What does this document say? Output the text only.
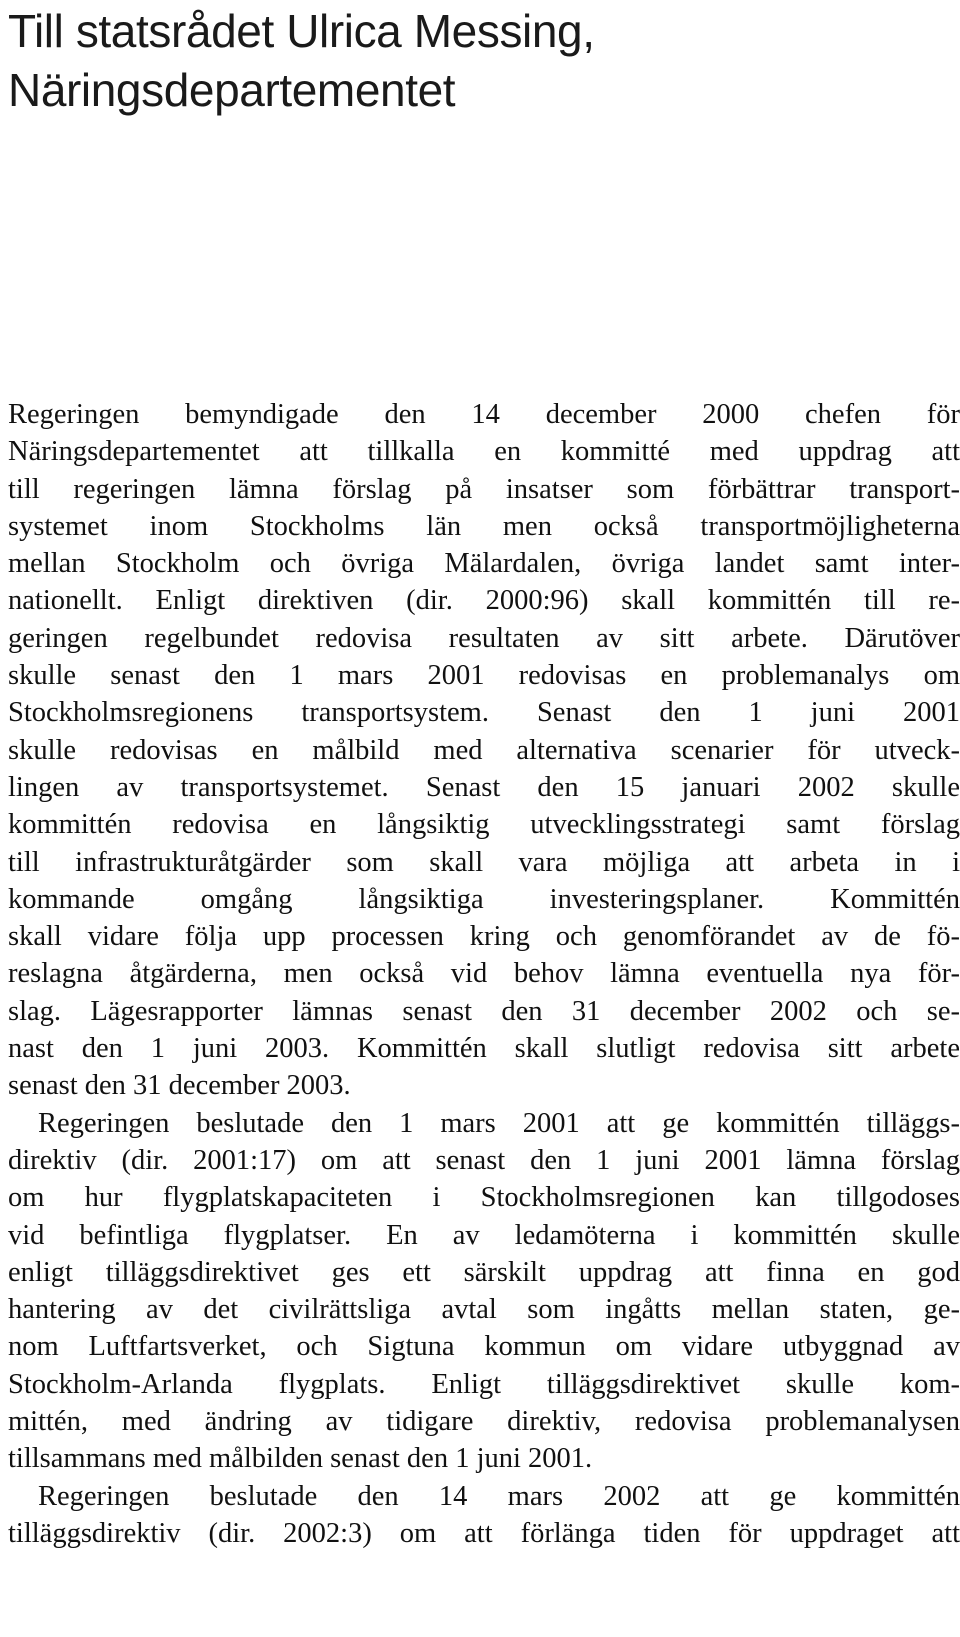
Till statsrådet Ulrica Messing,
Näringsdepartementet
Regeringen bemyndigade den 14 december 2000 chefen för
Näringsdepartementet att tillkalla en kommitté med uppdrag att
till regeringen lämna förslag på insatser som förbättrar transport-
systemet inom Stockholms län men också transportmöjligheterna
mellan Stockholm och övriga Mälardalen, övriga landet samt inter-
nationellt. Enligt direktiven (dir. 2000:96) skall kommittén till re-
geringen regelbundet redovisa resultaten av sitt arbete. Därutöver
skulle senast den 1 mars 2001 redovisas en problemanalys om
Stockholmsregionens transportsystem. Senast den 1 juni 2001
skulle redovisas en målbild med alternativa scenarier för utveck-
lingen av transportsystemet. Senast den 15 januari 2002 skulle
kommittén redovisa en långsiktig utvecklingsstrategi samt förslag
till infrastrukturåtgärder som skall vara möjliga att arbeta in i
kommande omgång långsiktiga investeringsplaner. Kommittén
skall vidare följa upp processen kring och genomförandet av de fö-
reslagna åtgärderna, men också vid behov lämna eventuella nya för-
slag. Lägesrapporter lämnas senast den 31 december 2002 och se-
nast den 1 juni 2003. Kommittén skall slutligt redovisa sitt arbete
senast den 31 december 2003.
Regeringen beslutade den 1 mars 2001 att ge kommittén tilläggs-
direktiv (dir. 2001:17) om att senast den 1 juni 2001 lämna förslag
om hur flygplatskapaciteten i Stockholmsregionen kan tillgodoses
vid befintliga flygplatser. En av ledamöterna i kommittén skulle
enligt tilläggsdirektivet ges ett särskilt uppdrag att finna en god
hantering av det civilrättsliga avtal som ingåtts mellan staten, ge-
nom Luftfartsverket, och Sigtuna kommun om vidare utbyggnad av
Stockholm-Arlanda flygplats. Enligt tilläggsdirektivet skulle kom-
mittén, med ändring av tidigare direktiv, redovisa problemanalysen
tillsammans med målbilden senast den 1 juni 2001.
Regeringen beslutade den 14 mars 2002 att ge kommittén
tilläggsdirektiv (dir. 2002:3) om att förlänga tiden för uppdraget att
